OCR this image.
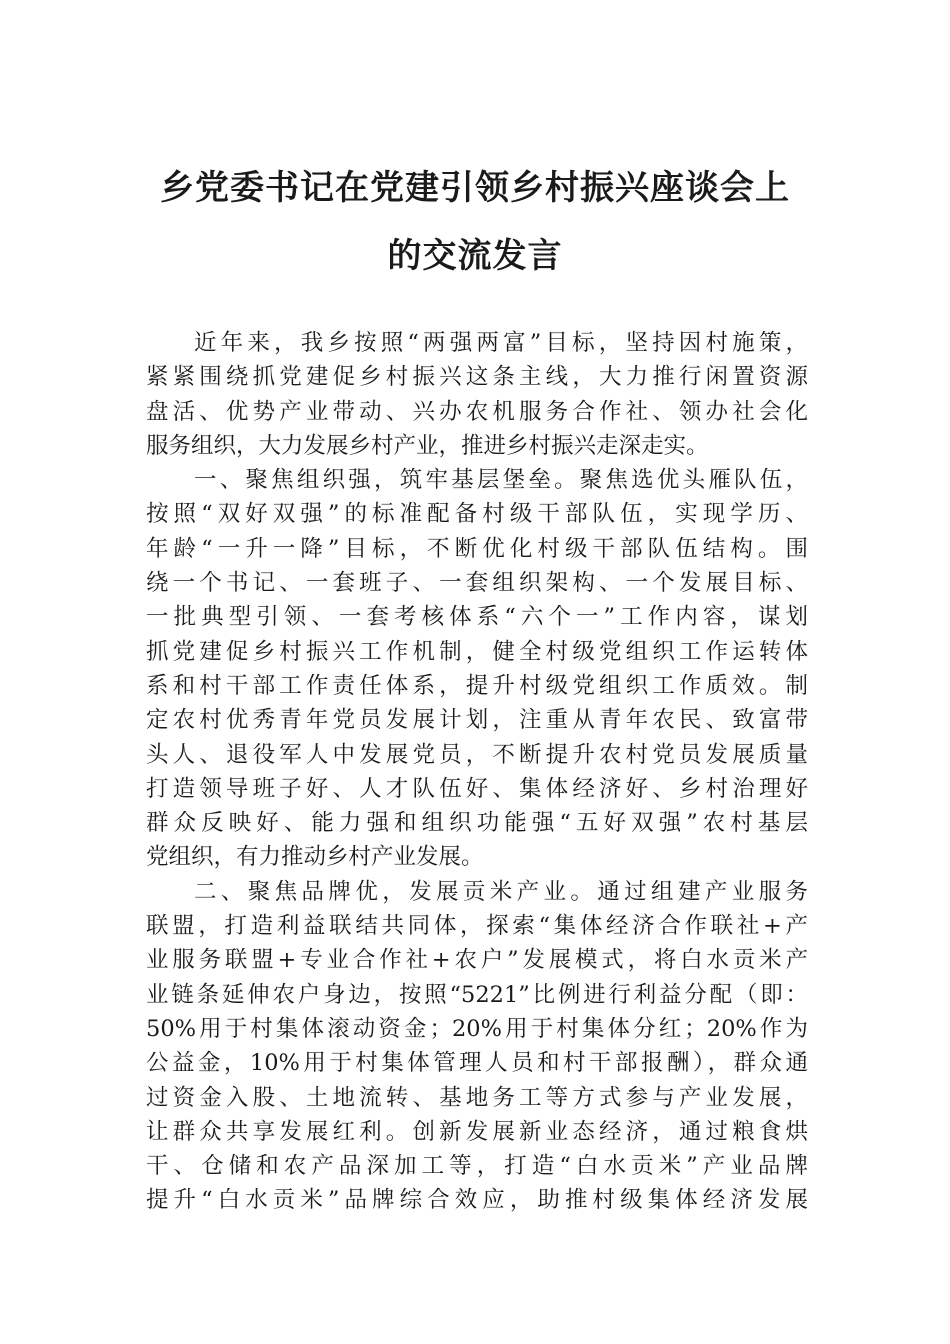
乡党委书记在党建引领乡村振兴座谈会上
的交流发言
近年来，我乡按照“两强两富”目标，坚持因村施策，
紧紧围绕抓党建促乡村振兴这条主线，大力推行闲置资源
盘活、优势产业带动、兴办农机服务合作社、领办社会化
服务组织，大力发展乡村产业，推进乡村振兴走深走实。
一、聚焦组织强，筑牢基层堡垒。聚焦选优头雁队伍，
按照“双好双强”的标准配备村级干部队伍，实现学历、
年龄“一升一降”目标，不断优化村级干部队伍结构。围
绕一个书记、一套班子、一套组织架构、一个发展目标、
一批典型引领、一套考核体系“六个一”工作内容，谋划
抓党建促乡村振兴工作机制，健全村级党组织工作运转体
系和村干部工作责任体系，提升村级党组织工作质效。制
定农村优秀青年党员发展计划，注重从青年农民、致富带
头人、退役军人中发展党员，不断提升农村党员发展质量
打造领导班子好、人才队伍好、集体经济好、乡村治理好
群众反映好、能力强和组织功能强“五好双强”农村基层
党组织，有力推动乡村产业发展。
二、聚焦品牌优，发展贡米产业。通过组建产业服务
联盟，打造利益联结共同体，探索“集体经济合作联社+产
业服务联盟+专业合作社+农户”发展模式，将白水贡米产
业链条延伸农户身边，按照“5221”比例进行利益分配（即：
50%用于村集体滚动资金；20%用于村集体分红；20%作为
公益金，10%用于村集体管理人员和村干部报酬），群众通
过资金入股、土地流转、基地务工等方式参与产业发展，
让群众共享发展红利。创新发展新业态经济，通过粮食烘
干、仓储和农产品深加工等，打造“白水贡米”产业品牌
提升“白水贡米”品牌综合效应，助推村级集体经济发展
